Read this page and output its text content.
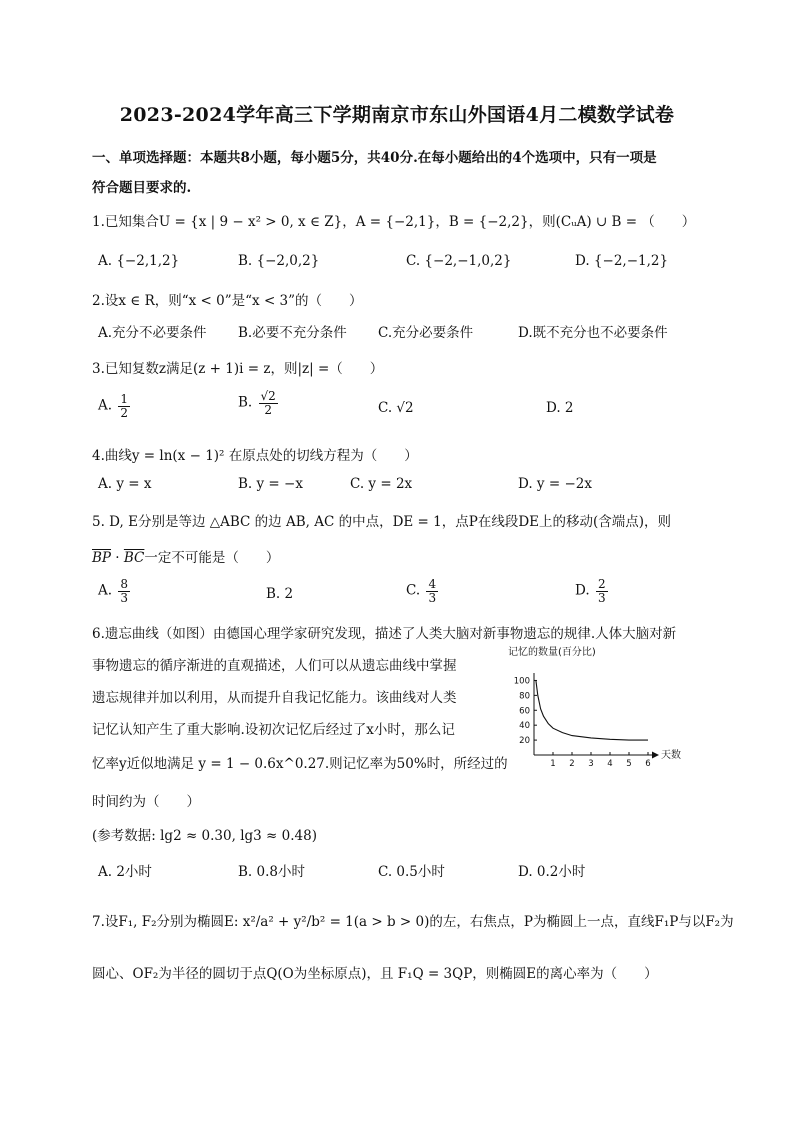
2023-2024学年高三下学期南京市东山外国语4月二模数学试卷
一、单项选择题：本题共8小题，每小题5分，共40分.在每小题给出的4个选项中，只有一项是
符合题目要求的.
1.已知集合U = {x | 9 − x² > 0, x ∈ Z}，A = {−2,1}，B = {−2,2}，则(CᵤA) ∪ B = （　　）
A. {−2,1,2}	B. {−2,0,2}	C. {−2,−1,0,2}	D. {−2,−1,2}
2.设x ∈ R，则“x < 0”是“x < 3”的（　　）
A.充分不必要条件 B.必要不充分条件 C.充分必要条件	D.既不充分也不必要条件
3.已知复数z满足(z + 1)i = z，则|z| =（　　）
A. $\frac{1}{2}$	B. $\frac{√2}{2}$	C. √2	D. 2
4.曲线y = ln(x − 1)² 在原点处的切线方程为（　　）
A. y = x	B. y = −x	C. y = 2x	D. y = −2x
5. D, E分别是等边 △ABC 的边 AB, AC 的中点，DE = 1，点P在线段DE上的移动(含端点)，则
$\overline{BP} \cdot \overline{BC}$一定不可能是（　　）
A. $\frac{8}{3}$	B. 2	C. $\frac{4}{3}$	D. $\frac{2}{3}$
6.遗忘曲线（如图）由德国心理学家研究发现，描述了人类大脑对新事物遗忘的规律.人体大脑对新
事物遗忘的循序渐进的直观描述，人们可以从遗忘曲线中掌握
遗忘规律并加以利用，从而提升自我记忆能力。该曲线对人类
记忆认知产生了重大影响.设初次记忆后经过了x小时，那么记
忆率y近似地满足 y = 1 − 0.6x^0.27.则记忆率为50%时，所经过的
时间约为（　　）
(参考数据: lg2 ≈ 0.30, lg3 ≈ 0.48)
A. 2小时	B. 0.8小时	C. 0.5小时	D. 0.2小时
记忆的数量(百分比)
天数
1 2 3 4 5 6
20
40
60
80
100
7.设F₁, F₂分别为椭圆E: x²/a² + y²/b² = 1(a > b > 0)的左，右焦点，P为椭圆上一点，直线F₁P与以F₂为
圆心、OF₂为半径的圆切于点Q(O为坐标原点)，且 F₁Q = 3QP，则椭圆E的离心率为（　　）
